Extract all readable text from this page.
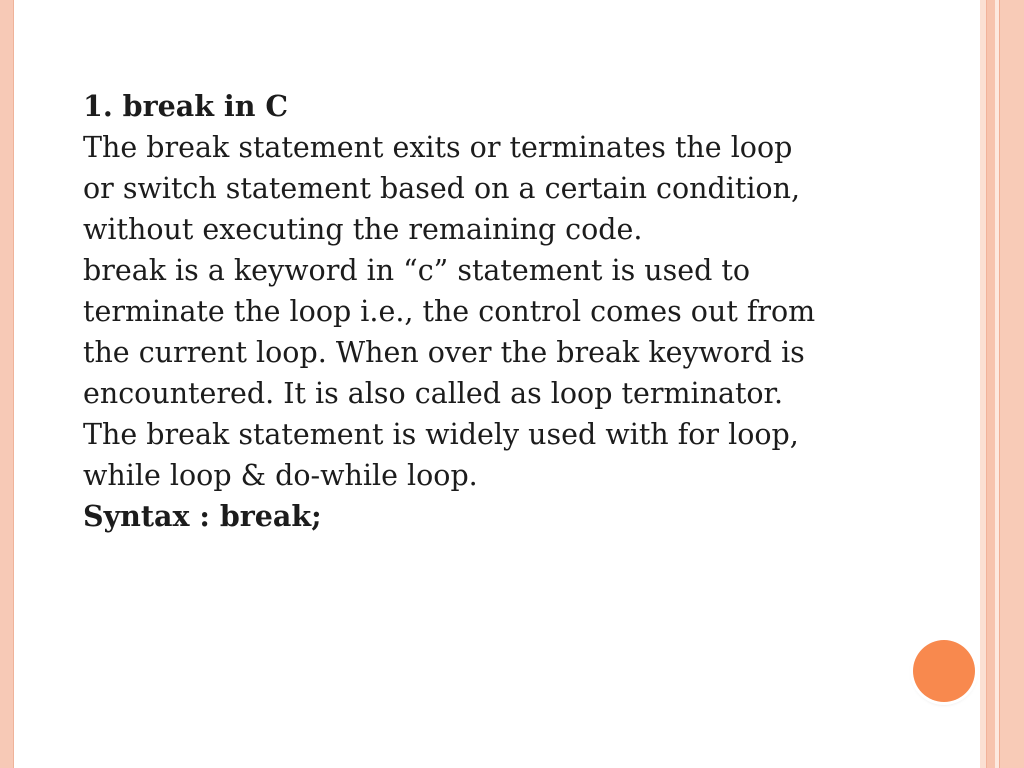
1. break in C

The break statement exits or terminates the loop

or switch statement based on a certain condition,

without executing the remaining code.

break is a keyword in “c” statement is used to

terminate the loop i.e., the control comes out from

the current loop. When over the break keyword is

encountered. It is also called as loop terminator.

The break statement is widely used with for loop,

while loop & do-while loop.

Syntax : break;
